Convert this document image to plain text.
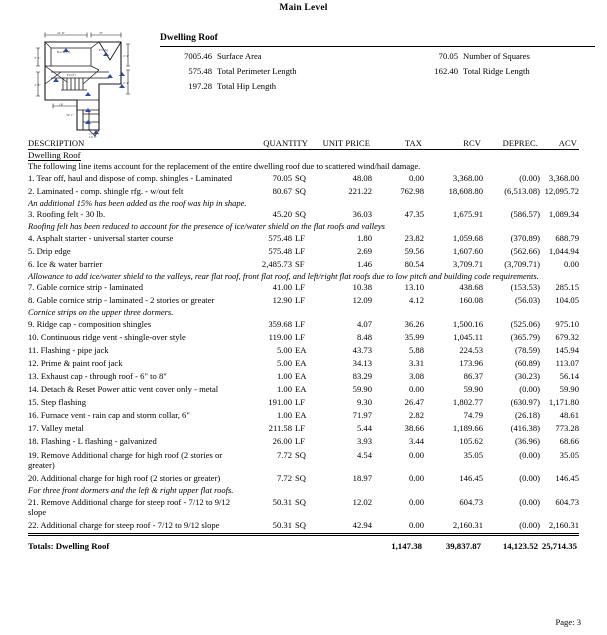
Main Level
41' 6"	37'
3' 1"
2' 8"
2' 4"
2' 4"
18'
32' 1"
17' 4"
14' 9"
Roof2 (1)	F3 (A)
F2 (F)
Dwelling Roof
7005.46 Surface Area
575.48 Total Perimeter Length
197.28 Total Hip Length
70.05 Number of Squares
162.40 Total Ridge Length
DESCRIPTION	QUANTITY	UNIT PRICE	TAX	RCV	DEPREC.	ACV

Dwelling Roof						
The following line items account for the replacement of the entire dwelling roof due to scattered wind/hail damage.						
1. Tear off, haul and dispose of comp. shingles - Laminated	70.05 SQ	48.08	0.00	3,368.00	(0.00)	3,368.00
2. Laminated - comp. shingle rfg. - w/out felt	80.67 SQ	221.22	762.98	18,608.80	(6,513.08)	12,095.72
An additional 15% has been added as the roof was hip in shape.						
3. Roofing felt - 30 lb.	45.20 SQ	36.03	47.35	1,675.91	(586.57)	1,089.34
Roofing felt has been reduced to account for the presence of ice/water shield on the flat roofs and valleys						
4. Asphalt starter - universal starter course	575.48 LF	1.80	23.82	1,059.68	(370.89)	688.79
5. Drip edge	575.48 LF	2.69	59.56	1,607.60	(562.66)	1,044.94
6. Ice & water barrier	2,485.73 SF	1.46	80.54	3,709.71	(3,709.71)	0.00
Allowance to add ice/water shield to the valleys, rear flat roof, front flat roof, and left/right flat roofs due to low pitch and building code requirements.						
7. Gable cornice strip - laminated	41.00 LF	10.38	13.10	438.68	(153.53)	285.15
8. Gable cornice strip - laminated - 2 stories or greater	12.90 LF	12.09	4.12	160.08	(56.03)	104.05
Cornice strips on the upper three dormers.						
9. Ridge cap - composition shingles	359.68 LF	4.07	36.26	1,500.16	(525.06)	975.10
10. Continuous ridge vent - shingle-over style	119.00 LF	8.48	35.99	1,045.11	(365.79)	679.32
11. Flashing - pipe jack	5.00 EA	43.73	5.88	224.53	(78.59)	145.94
12. Prime & paint roof jack	5.00 EA	34.13	3.31	173.96	(60.89)	113.07
13. Exhaust cap - through roof - 6" to 8"	1.00 EA	83.29	3.08	86.37	(30.23)	56.14
14. Detach & Reset Power attic vent cover only - metal	1.00 EA	59.90	0.00	59.90	(0.00)	59.90
15. Step flashing	191.00 LF	9.30	26.47	1,802.77	(630.97)	1,171.80
16. Furnace vent - rain cap and storm collar, 6"	1.00 EA	71.97	2.82	74.79	(26.18)	48.61
17. Valley metal	211.58 LF	5.44	38.66	1,189.66	(416.38)	773.28
18. Flashing - L flashing - galvanized	26.00 LF	3.93	3.44	105.62	(36.96)	68.66
19. Remove Additional charge for high roof (2 stories or greater)	7.72 SQ	4.54	0.00	35.05	(0.00)	35.05
20. Additional charge for high roof (2 stories or greater)	7.72 SQ	18.97	0.00	146.45	(0.00)	146.45
For three front dormers and the left & right upper flat roofs.						
21. Remove Additional charge for steep roof - 7/12 to 9/12 slope	50.31 SQ	12.02	0.00	604.73	(0.00)	604.73
22. Additional charge for steep roof - 7/12 to 9/12 slope	50.31 SQ	42.94	0.00	2,160.31	(0.00)	2,160.31

Totals: Dwelling Roof			1,147.38	39,837.87	14,123.52	25,714.35
Page: 3
